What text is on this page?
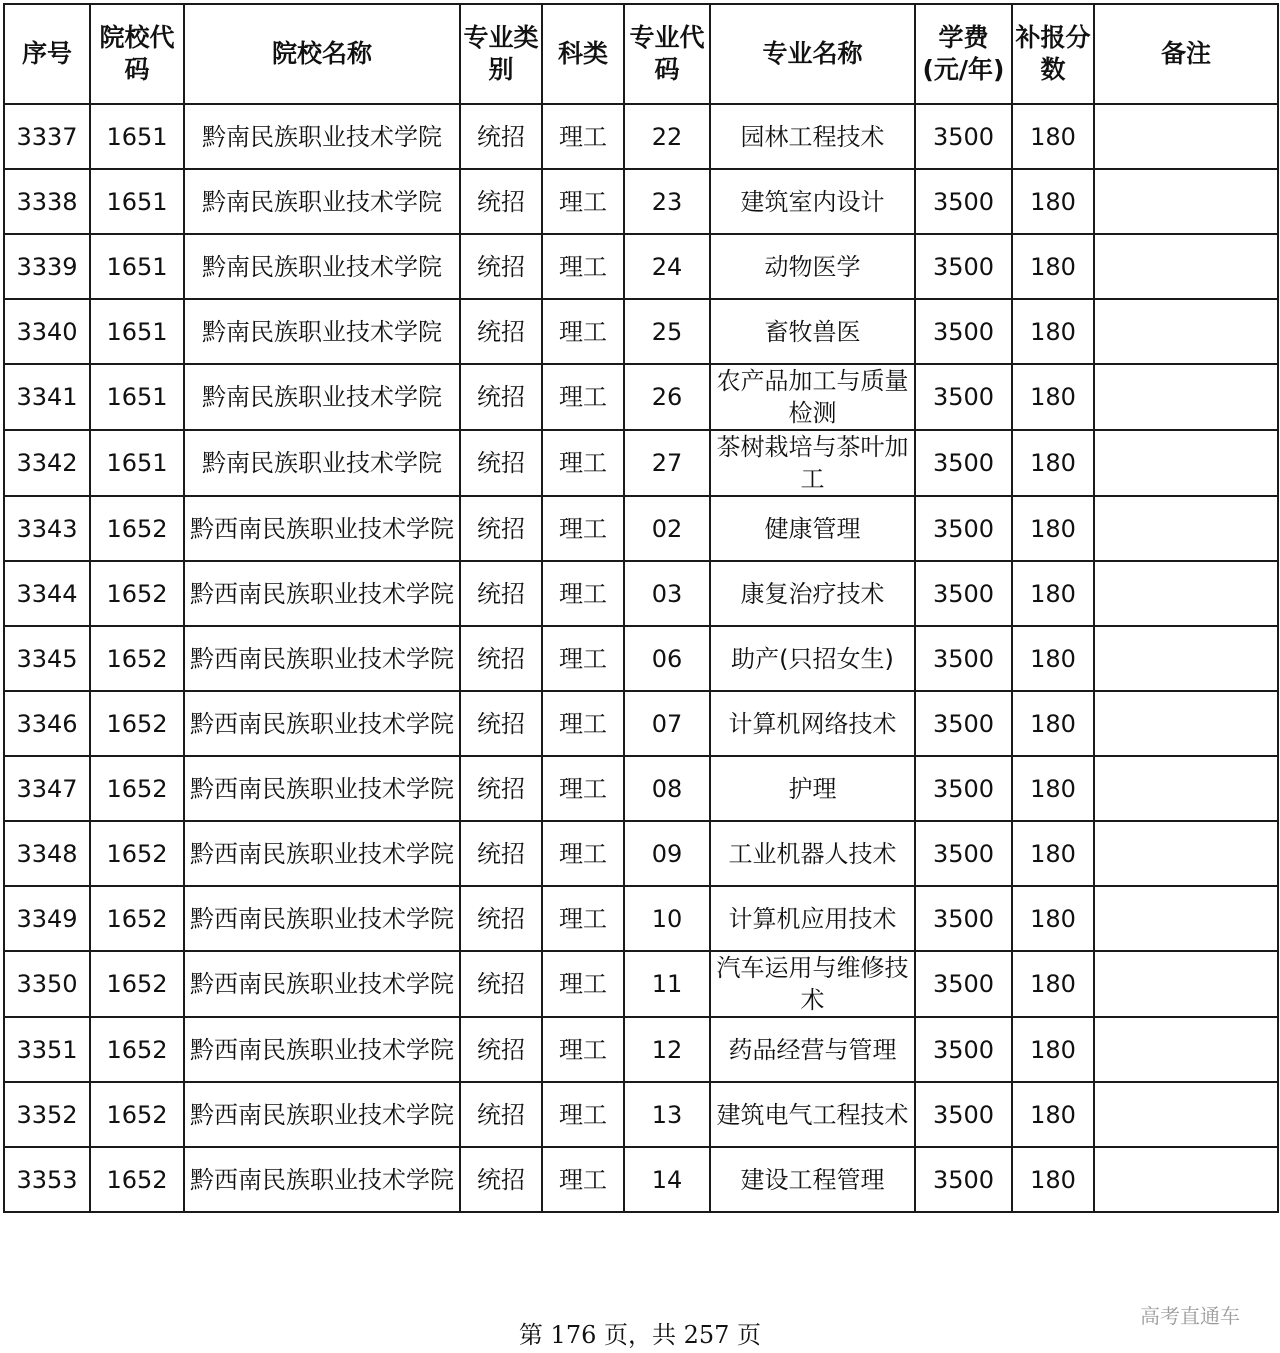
序号	院校代码	院校名称	专业类别	科类	专业代码	专业名称	学费(元/年)	补报分数	备注
3337	1651	黔南民族职业技术学院	统招	理工	22	园林工程技术	3500	180	
3338	1651	黔南民族职业技术学院	统招	理工	23	建筑室内设计	3500	180	
3339	1651	黔南民族职业技术学院	统招	理工	24	动物医学	3500	180	
3340	1651	黔南民族职业技术学院	统招	理工	25	畜牧兽医	3500	180	
3341	1651	黔南民族职业技术学院	统招	理工	26	农产品加工与质量检测	3500	180	
3342	1651	黔南民族职业技术学院	统招	理工	27	茶树栽培与茶叶加工	3500	180	
3343	1652	黔西南民族职业技术学院	统招	理工	02	健康管理	3500	180	
3344	1652	黔西南民族职业技术学院	统招	理工	03	康复治疗技术	3500	180	
3345	1652	黔西南民族职业技术学院	统招	理工	06	助产(只招女生)	3500	180	
3346	1652	黔西南民族职业技术学院	统招	理工	07	计算机网络技术	3500	180	
3347	1652	黔西南民族职业技术学院	统招	理工	08	护理	3500	180	
3348	1652	黔西南民族职业技术学院	统招	理工	09	工业机器人技术	3500	180	
3349	1652	黔西南民族职业技术学院	统招	理工	10	计算机应用技术	3500	180	
3350	1652	黔西南民族职业技术学院	统招	理工	11	汽车运用与维修技术	3500	180	
3351	1652	黔西南民族职业技术学院	统招	理工	12	药品经营与管理	3500	180	
3352	1652	黔西南民族职业技术学院	统招	理工	13	建筑电气工程技术	3500	180	
3353	1652	黔西南民族职业技术学院	统招	理工	14	建设工程管理	3500	180	
第 176 页，共 257 页
高考直通车
